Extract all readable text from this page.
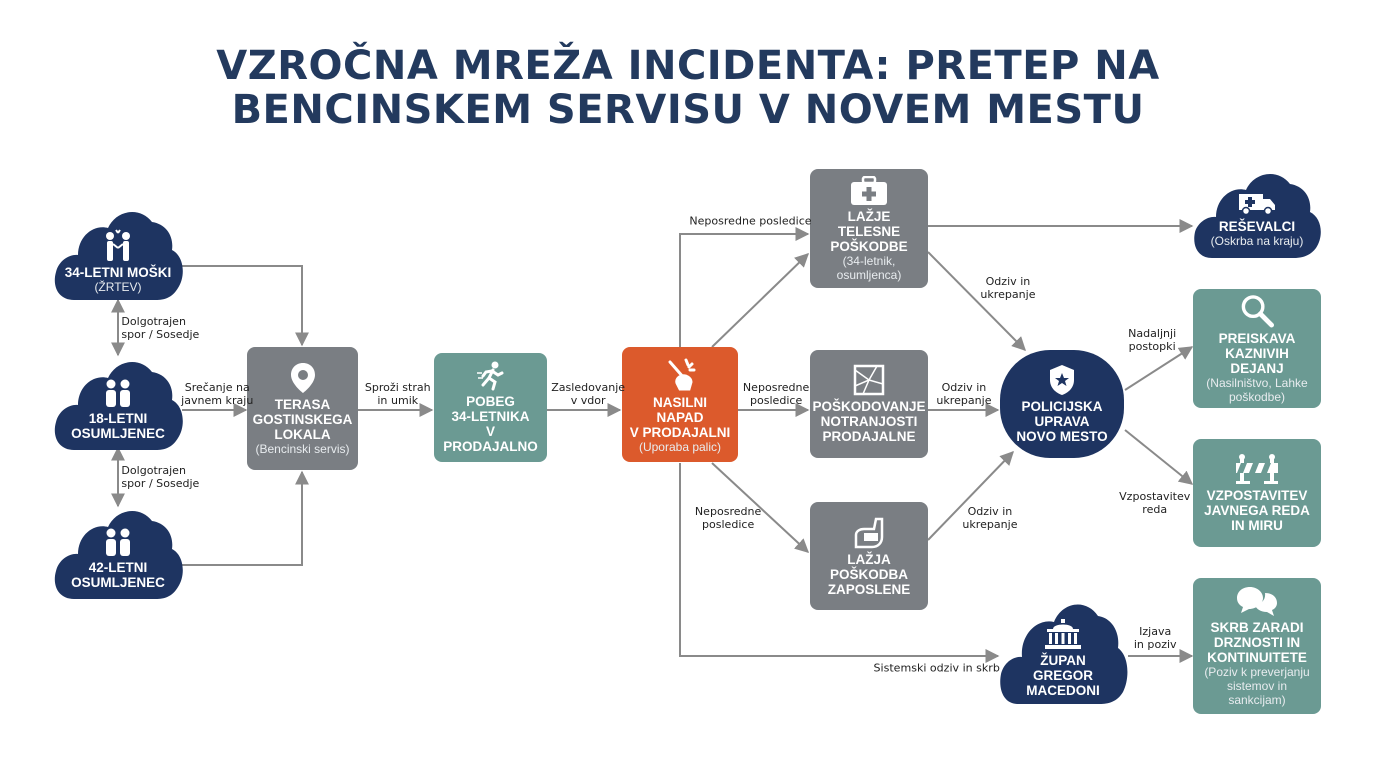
VZROČNA MREŽA INCIDENTA: PRETEP NA
BENCINSKEM SERVISU V NOVEM MESTU
34-LETNI MOŠKI
(ŽRTEV)
18-LETNI
OSUMLJENEC
42-LETNI
OSUMLJENEC
TERASA
GOSTINSKEGA
LOKALA
(Bencinski servis)
POBEG
34-LETNIKA
V PRODAJALNO
NASILNI NAPAD
V PRODAJALNI
(Uporaba palic)
LAŽJE TELESNE
POŠKODBE
(34-letnik,
osumljenca)
POŠKODOVANJE
NOTRANJOSTI
PRODAJALNE
LAŽJA
POŠKODBA
ZAPOSLENE
REŠEVALCI
(Oskrba na kraju)
POLICIJSKA
UPRAVA
NOVO MESTO
ŽUPAN
GREGOR
MACEDONI
PREISKAVA
KAZNIVIH DEJANJ
(Nasilništvo, Lahke
poškodbe)
VZPOSTAVITEV
JAVNEGA REDA
IN MIRU
SKRB ZARADI
DRZNOSTI IN
KONTINUITETE
(Poziv k preverjanju
sistemov in sankcijam)
Dolgotrajen
spor / Sosedje
Dolgotrajen
spor / Sosedje
Srečanje na
javnem kraju
Sproži strah
in umik
Zasledovanje
v vdor
Neposredne posledice
Neposredne
posledice
Neposredne
posledice
Odziv in
ukrepanje
Odziv in
ukrepanje
Odziv in
ukrepanje
Sistemski odziv in skrb
Nadaljnji
postopki
Vzpostavitev
reda
Izjava
in poziv
